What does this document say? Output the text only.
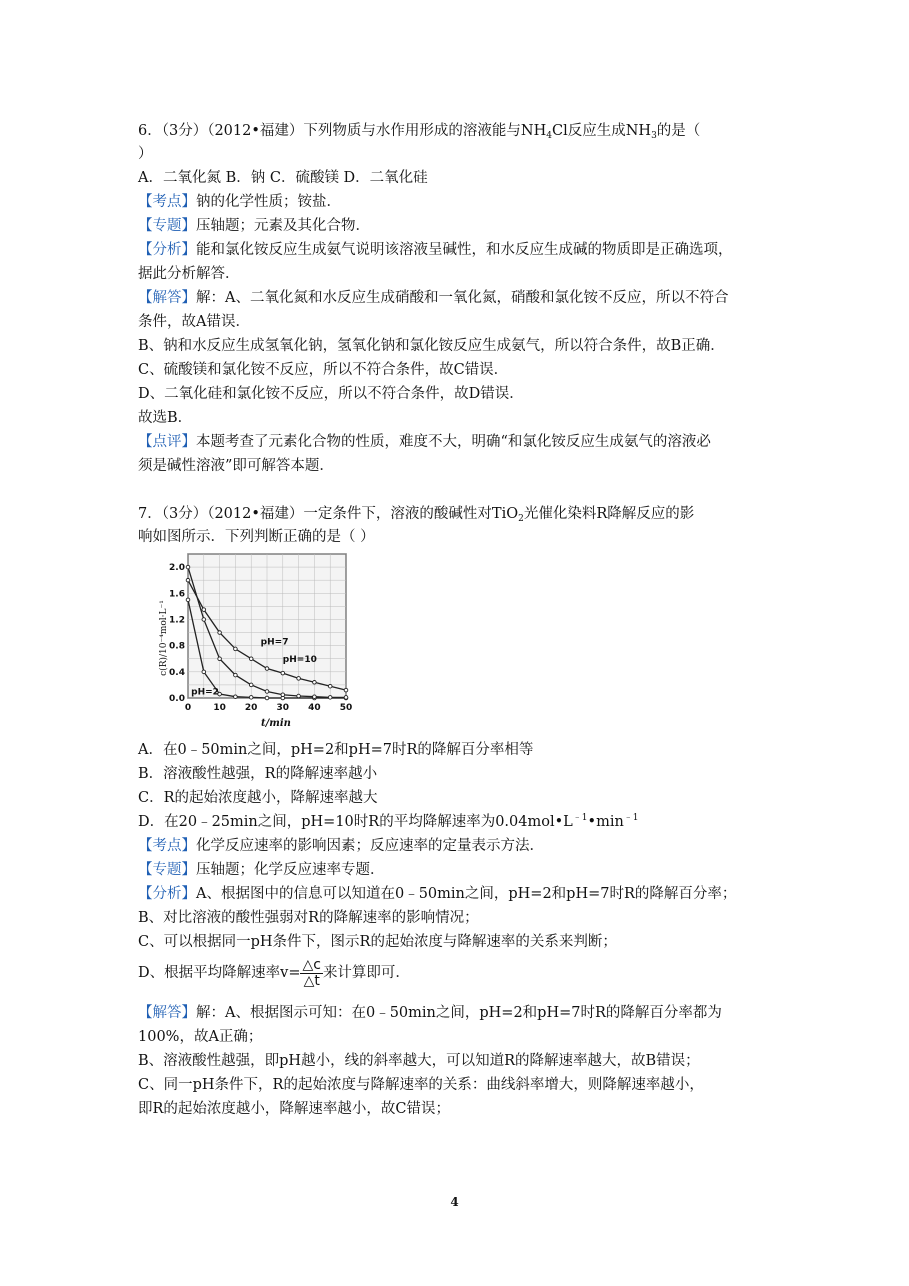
6．（3分）（2012•福建）下列物质与水作用形成的溶液能与$NH_4Cl$反应生成$NH_3$的是（
）
A．二氧化氮 B．钠 C．硫酸镁 D．二氧化硅
【考点】钠的化学性质；铵盐．
【专题】压轴题；元素及其化合物．
【分析】能和氯化铵反应生成氨气说明该溶液呈碱性，和水反应生成碱的物质即是正确选项，
据此分析解答．
【解答】解：A、二氧化氮和水反应生成硝酸和一氧化氮，硝酸和氯化铵不反应，所以不符合
条件，故A错误．
B、钠和水反应生成氢氧化钠，氢氧化钠和氯化铵反应生成氨气，所以符合条件，故B正确．
C、硫酸镁和氯化铵不反应，所以不符合条件，故C错误．
D、二氧化硅和氯化铵不反应，所以不符合条件，故D错误．
故选B．
【点评】本题考查了元素化合物的性质，难度不大，明确“和氯化铵反应生成氨气的溶液必
须是碱性溶液”即可解答本题．
7．（3分）（2012•福建）一定条件下，溶液的酸碱性对TiO$_2$光催化染料R降解反应的影
响如图所示．下列判断正确的是（ ）
c(R)/10⁻⁴mol·L⁻¹
t/min
0 10 20 30 40 50
0.0
0.4
0.8
1.2
1.6
2.0
pH=2
pH=7
pH=10
A．在0﹣50min之间，pH=2和pH=7时R的降解百分率相等
B．溶液酸性越强，R的降解速率越小
C．R的起始浓度越小，降解速率越大
D．在20﹣25min之间，pH=10时R的平均降解速率为$0.04mol•L^{﹣1}•\min^{﹣1}$
【考点】化学反应速率的影响因素；反应速率的定量表示方法．
【专题】压轴题；化学反应速率专题．
【分析】A、根据图中的信息可以知道在0﹣50min之间，pH=2和pH=7时R的降解百分率；
B、对比溶液的酸性强弱对R的降解速率的影响情况；
C、可以根据同一pH条件下，图示R的起始浓度与降解速率的关系来判断；
D、根据平均降解速率$v= \frac{\triangle c}{\triangle t}$ 来计算即可．
【解答】解：A、根据图示可知：在0﹣50min之间，pH=2和pH=7时R的降解百分率都为
100%，故A正确；
B、溶液酸性越强，即pH越小，线的斜率越大，可以知道R的降解速率越大，故B错误；
C、同一pH条件下，R的起始浓度与降解速率的关系：曲线斜率增大，则降解速率越小，
即R的起始浓度越小，降解速率越小，故C错误；
4
